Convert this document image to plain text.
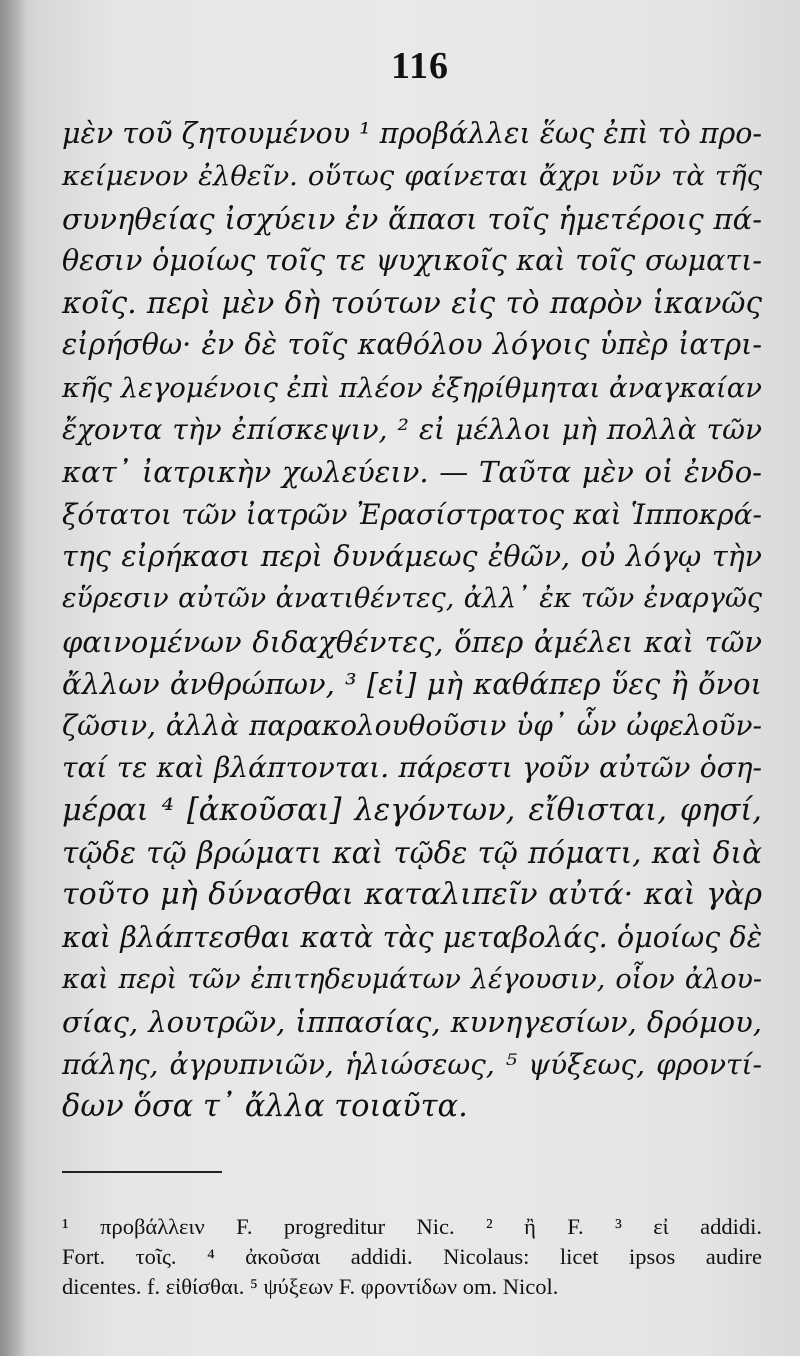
116
μὲν τοῦ ζητουμένου ¹ προβάλλει ἕως ἐπὶ τὸ προ-
κείμενον ἐλθεῖν. οὕτως φαίνεται ἄχρι νῦν τὰ τῆς
συνηθείας ἰσχύειν ἐν ἅπασι τοῖς ἡμετέροις πά-
θεσιν ὁμοίως τοῖς τε ψυχικοῖς καὶ τοῖς σωματι-
κοῖς. περὶ μὲν δὴ τούτων εἰς τὸ παρὸν ἱκανῶς
εἰρήσθω· ἐν δὲ τοῖς καθόλου λόγοις ὑπὲρ ἰατρι-
κῆς λεγομένοις ἐπὶ πλέον ἐξηρίθμηται ἀναγκαίαν
ἔχοντα τὴν ἐπίσκεψιν, ² εἰ μέλλοι μὴ πολλὰ τῶν
κατ᾽ ἰατρικὴν χωλεύειν. — Ταῦτα μὲν οἱ ἐνδο-
ξότατοι τῶν ἰατρῶν Ἐρασίστρατος καὶ Ἱπποκρά-
της εἰρήκασι περὶ δυνάμεως ἐθῶν, οὐ λόγῳ τὴν
εὕρεσιν αὐτῶν ἀνατιθέντες, ἀλλ᾽ ἐκ τῶν ἐναργῶς
φαινομένων διδαχθέντες, ὅπερ ἀμέλει καὶ τῶν
ἄλλων ἀνθρώπων, ³ [εἰ] μὴ καθάπερ ὕες ἢ ὄνοι
ζῶσιν, ἀλλὰ παρακολουθοῦσιν ὑφ᾽ ὧν ὠφελοῦν-
ταί τε καὶ βλάπτονται. πάρεστι γοῦν αὐτῶν ὁση-
μέραι ⁴ [ἀκοῦσαι] λεγόντων, εἴθισται, φησί,
τῷδε τῷ βρώματι καὶ τῷδε τῷ πόματι, καὶ διὰ
τοῦτο μὴ δύνασθαι καταλιπεῖν αὐτά· καὶ γὰρ
καὶ βλάπτεσθαι κατὰ τὰς μεταβολάς. ὁμοίως δὲ
καὶ περὶ τῶν ἐπιτηδευμάτων λέγουσιν, οἷον ἀλου-
σίας, λουτρῶν, ἱππασίας, κυνηγεσίων, δρόμου,
πάλης, ἀγρυπνιῶν, ἡλιώσεως, ⁵ ψύξεως, φροντί-
δων ὅσα τ᾽ ἄλλα τοιαῦτα.
¹ προβάλλειν F. progreditur Nic. ² ἢ F. ³ εἰ addidi.
Fort. τοῖς. ⁴ ἀκοῦσαι addidi. Nicolaus: licet ipsos audire
dicentes. f. εἰθίσθαι. ⁵ ψύξεων F. φροντίδων om. Nicol.
